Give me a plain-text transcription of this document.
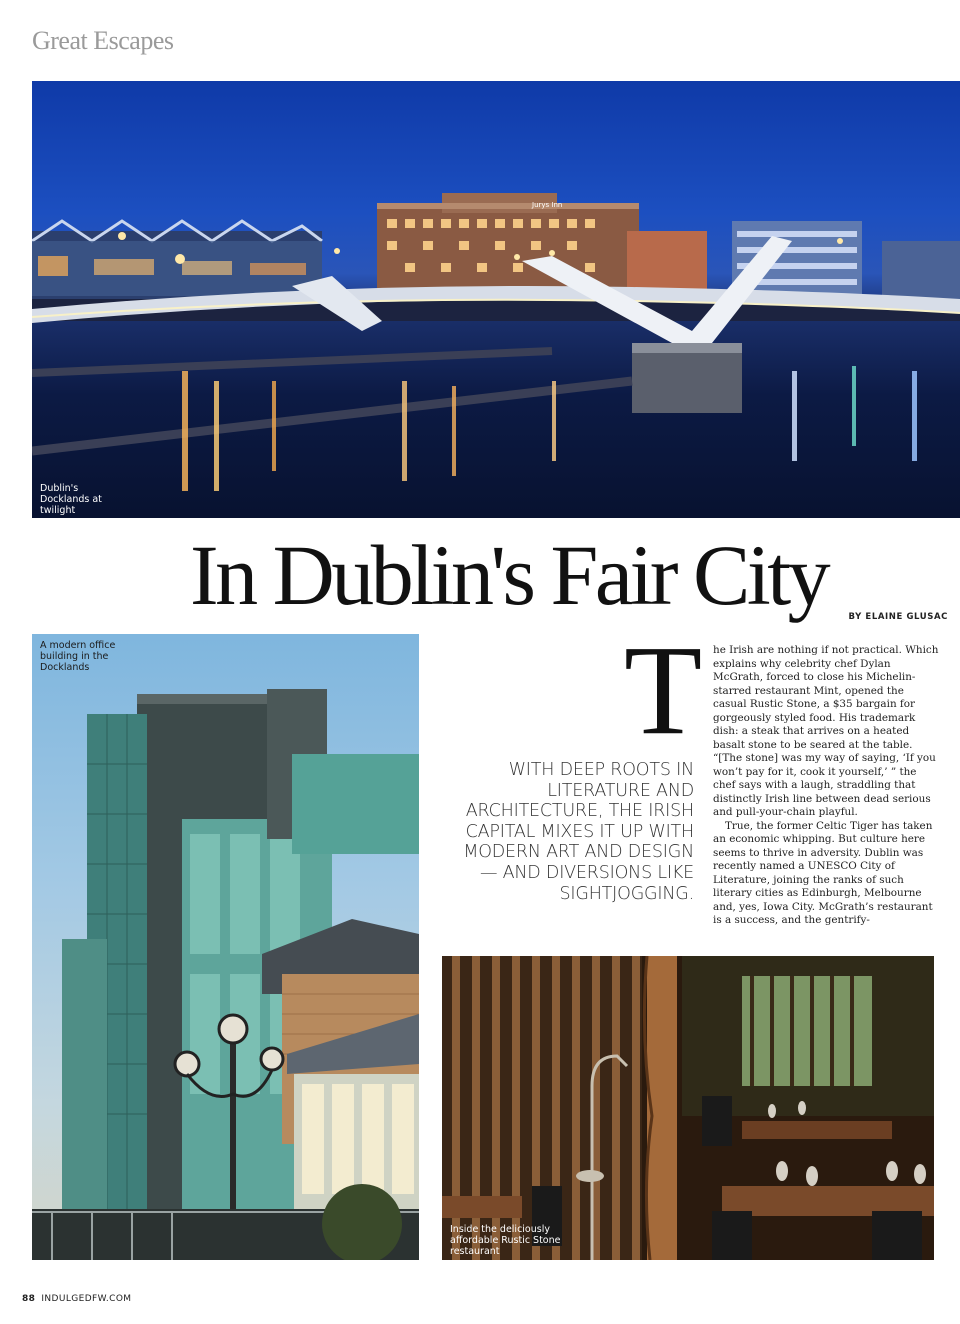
Great Escapes
Jurys Inn
Dublin's Docklands at twilight
In Dublin's Fair City	BY ELAINE GLUSAC
A modern office building in the Docklands
WITH DEEP ROOTS IN LITERATURE AND ARCHITECTURE, THE IRISH CAPITAL MIXES IT UP WITH MODERN ART AND DESIGN — AND DIVERSIONS LIKE SIGHTJOGGING.
T he Irish are nothing if not practical. Which explains why celebrity chef Dylan McGrath, forced to close his Michelin-starred restaurant Mint, opened the casual Rustic Stone, a $35 bargain for gorgeously styled food. His trademark dish: a steak that arrives on a heated basalt stone to be seared at the table. “[The stone] was my way of saying, ‘If you won’t pay for it, cook it yourself,’ ” the chef says with a laugh, straddling that distinctly Irish line between dead serious and pull-your-chain playful.

True, the former Celtic Tiger has taken an economic whipping. But culture here seems to thrive in adversity. Dublin was recently named a UNESCO City of Literature, joining the ranks of such literary cities as Edinburgh, Melbourne and, yes, Iowa City. McGrath’s restaurant is a success, and the gentrify-

Inside the deliciously affordable Rustic Stone restaurant
88 INDULGEDFW.COM
